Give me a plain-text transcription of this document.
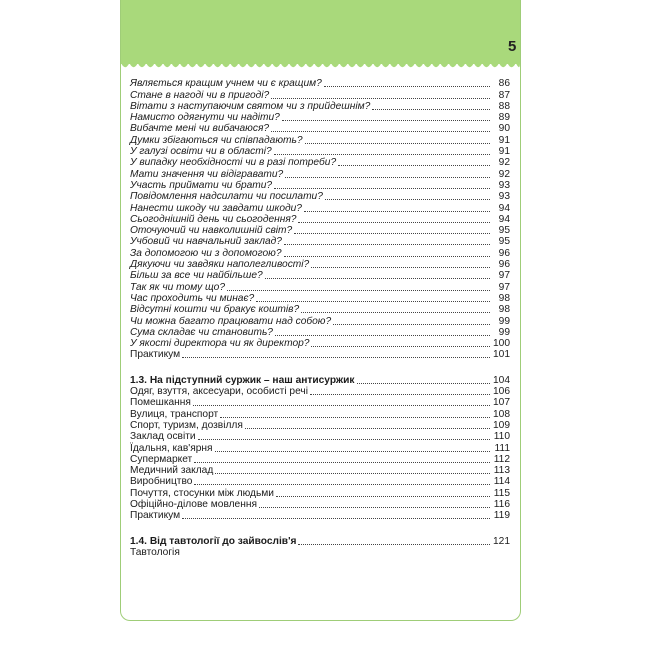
5
Являється кращим учнем чи є кращим?	86
Стане в нагоді чи в пригоді?	87
Вітати з наступаючим святом чи з прийдешнім?	88
Намисто одягнути чи надіти?	89
Вибачте мені чи вибачаюся?	90
Думки збігаються чи співпадають?	91
У галузі освіти чи в області?	91
У випадку необхідності чи в разі потреби?	92
Мати значення чи відігравати?	92
Участь приймати чи брати?	93
Повідомлення надсилати чи посилати?	93
Нанести шкоду чи завдати шкоди?	94
Сьогоднішній день чи сьогодення?	94
Оточуючий чи навколишній світ?	95
Учбовий чи навчальний заклад?	95
За допомогою чи з допомогою?	96
Дякуючи чи завдяки наполегливості?	96
Більш за все чи найбільше?	97
Так як чи тому що?	97
Час проходить чи минає?	98
Відсутні кошти чи бракує коштів?	98
Чи можна багато працювати над собою?	99
Сума складає чи становить?	99
У якості директора чи як директор?	100
Практикум	101
1.3. На підступний суржик – наш антисуржик	104
Одяг, взуття, аксесуари, особисті речі	106
Помешкання	107
Вулиця, транспорт	108
Спорт, туризм, дозвілля	109
Заклад освіти	110
Їдальня, кав'ярня	111
Супермаркет	112
Медичний заклад	113
Виробництво	114
Почуття, стосунки між людьми	115
Офіційно-ділове мовлення	116
Практикум	119
1.4. Від тавтології до зайвослів'я	121
Тавтологія
